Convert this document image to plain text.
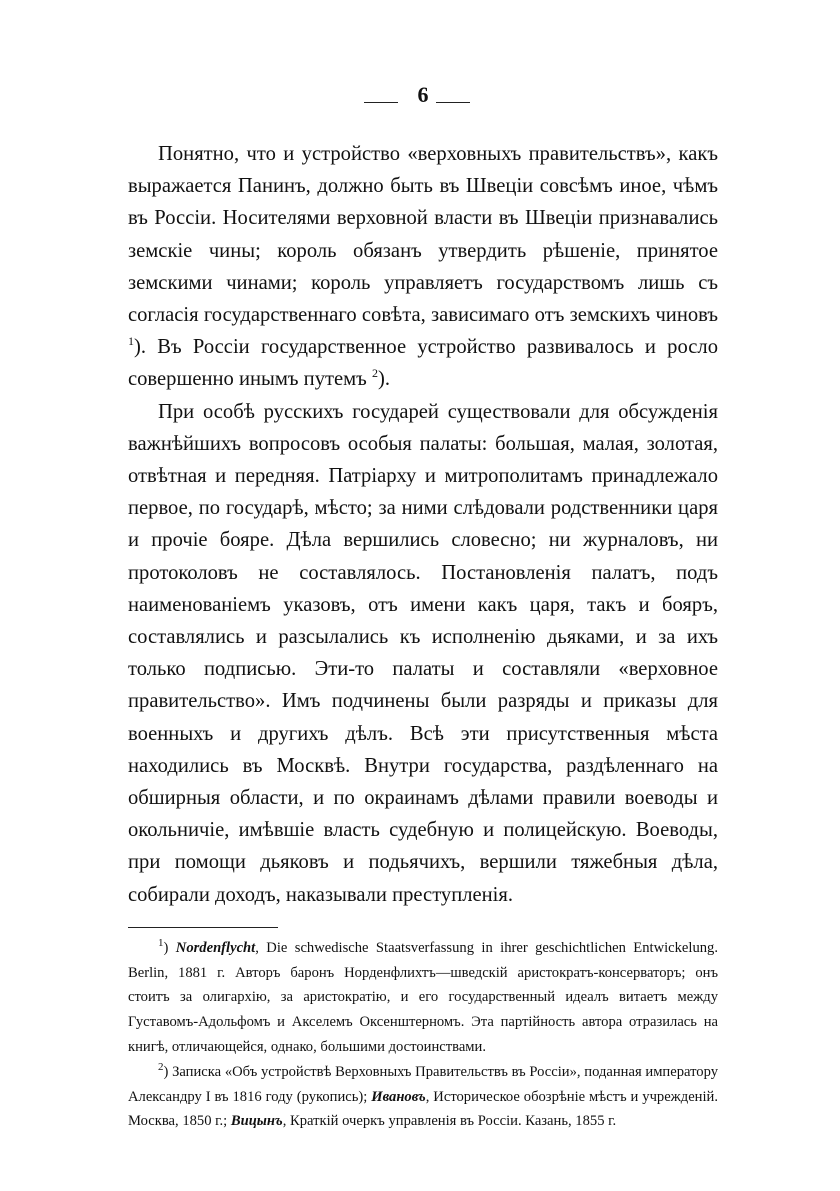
6

Понятно, что и устройство «верховныхъ правительствъ», какъ выражается Панинъ, должно быть въ Швеціи совсѣмъ иное, чѣмъ въ Россіи. Носителями верховной власти въ Швеціи признавались земскіе чины; король обязанъ утвердить рѣшеніе, принятое земскими чинами; король управляетъ государствомъ лишь съ согласія государственнаго совѣта, зависимаго отъ земскихъ чиновъ $^1$). Въ Россіи государственное устройство развивалось и росло совершенно инымъ путемъ $^2$).

При особѣ русскихъ государей существовали для обсужденія важнѣйшихъ вопросовъ особыя палаты: большая, малая, золотая, отвѣтная и передняя. Патріарху и митрополитамъ принадлежало первое, по государѣ, мѣсто; за ними слѣдовали родственники царя и прочіе бояре. Дѣла вершились словесно; ни журналовъ, ни протоколовъ не составлялось. Постановленія палатъ, подъ наименованіемъ указовъ, отъ имени какъ царя, такъ и бояръ, составлялись и разсылались къ исполненію дьяками, и за ихъ только подписью. Эти-то палаты и составляли «верховное правительство». Имъ подчинены были разряды и приказы для военныхъ и другихъ дѣлъ. Всѣ эти присутственныя мѣста находились въ Москвѣ. Внутри государства, раздѣленнаго на обширныя области, и по окраинамъ дѣлами правили воеводы и окольничіе, имѣвшіе власть судебную и полицейскую. Воеводы, при помощи дьяковъ и подьячихъ, вершили тяжебныя дѣла, собирали доходъ, наказывали преступленія.

$^1$) Nordenflycht, Die schwedische Staatsverfassung in ihrer geschichtlichen Entwickelung. Berlin, 1881 г. Авторъ баронъ Норденфлихтъ—шведскій аристократъ-консерваторъ; онъ стоитъ за олигархію, за аристократію, и его государственный идеалъ витаетъ между Густавомъ-Адольфомъ и Акселемъ Оксенштерномъ. Эта партійность автора отразилась на книгѣ, отличающейся, однако, большими достоинствами.

$^2$) Записка «Объ устройствѣ Верховныхъ Правительствъ въ Россіи», поданная императору Александру I въ 1816 году (рукопись); Ивановъ, Историческое обозрѣніе мѣстъ и учрежденій. Москва, 1850 г.; Вицынъ, Краткій очеркъ управленія въ Россіи. Казань, 1855 г.
